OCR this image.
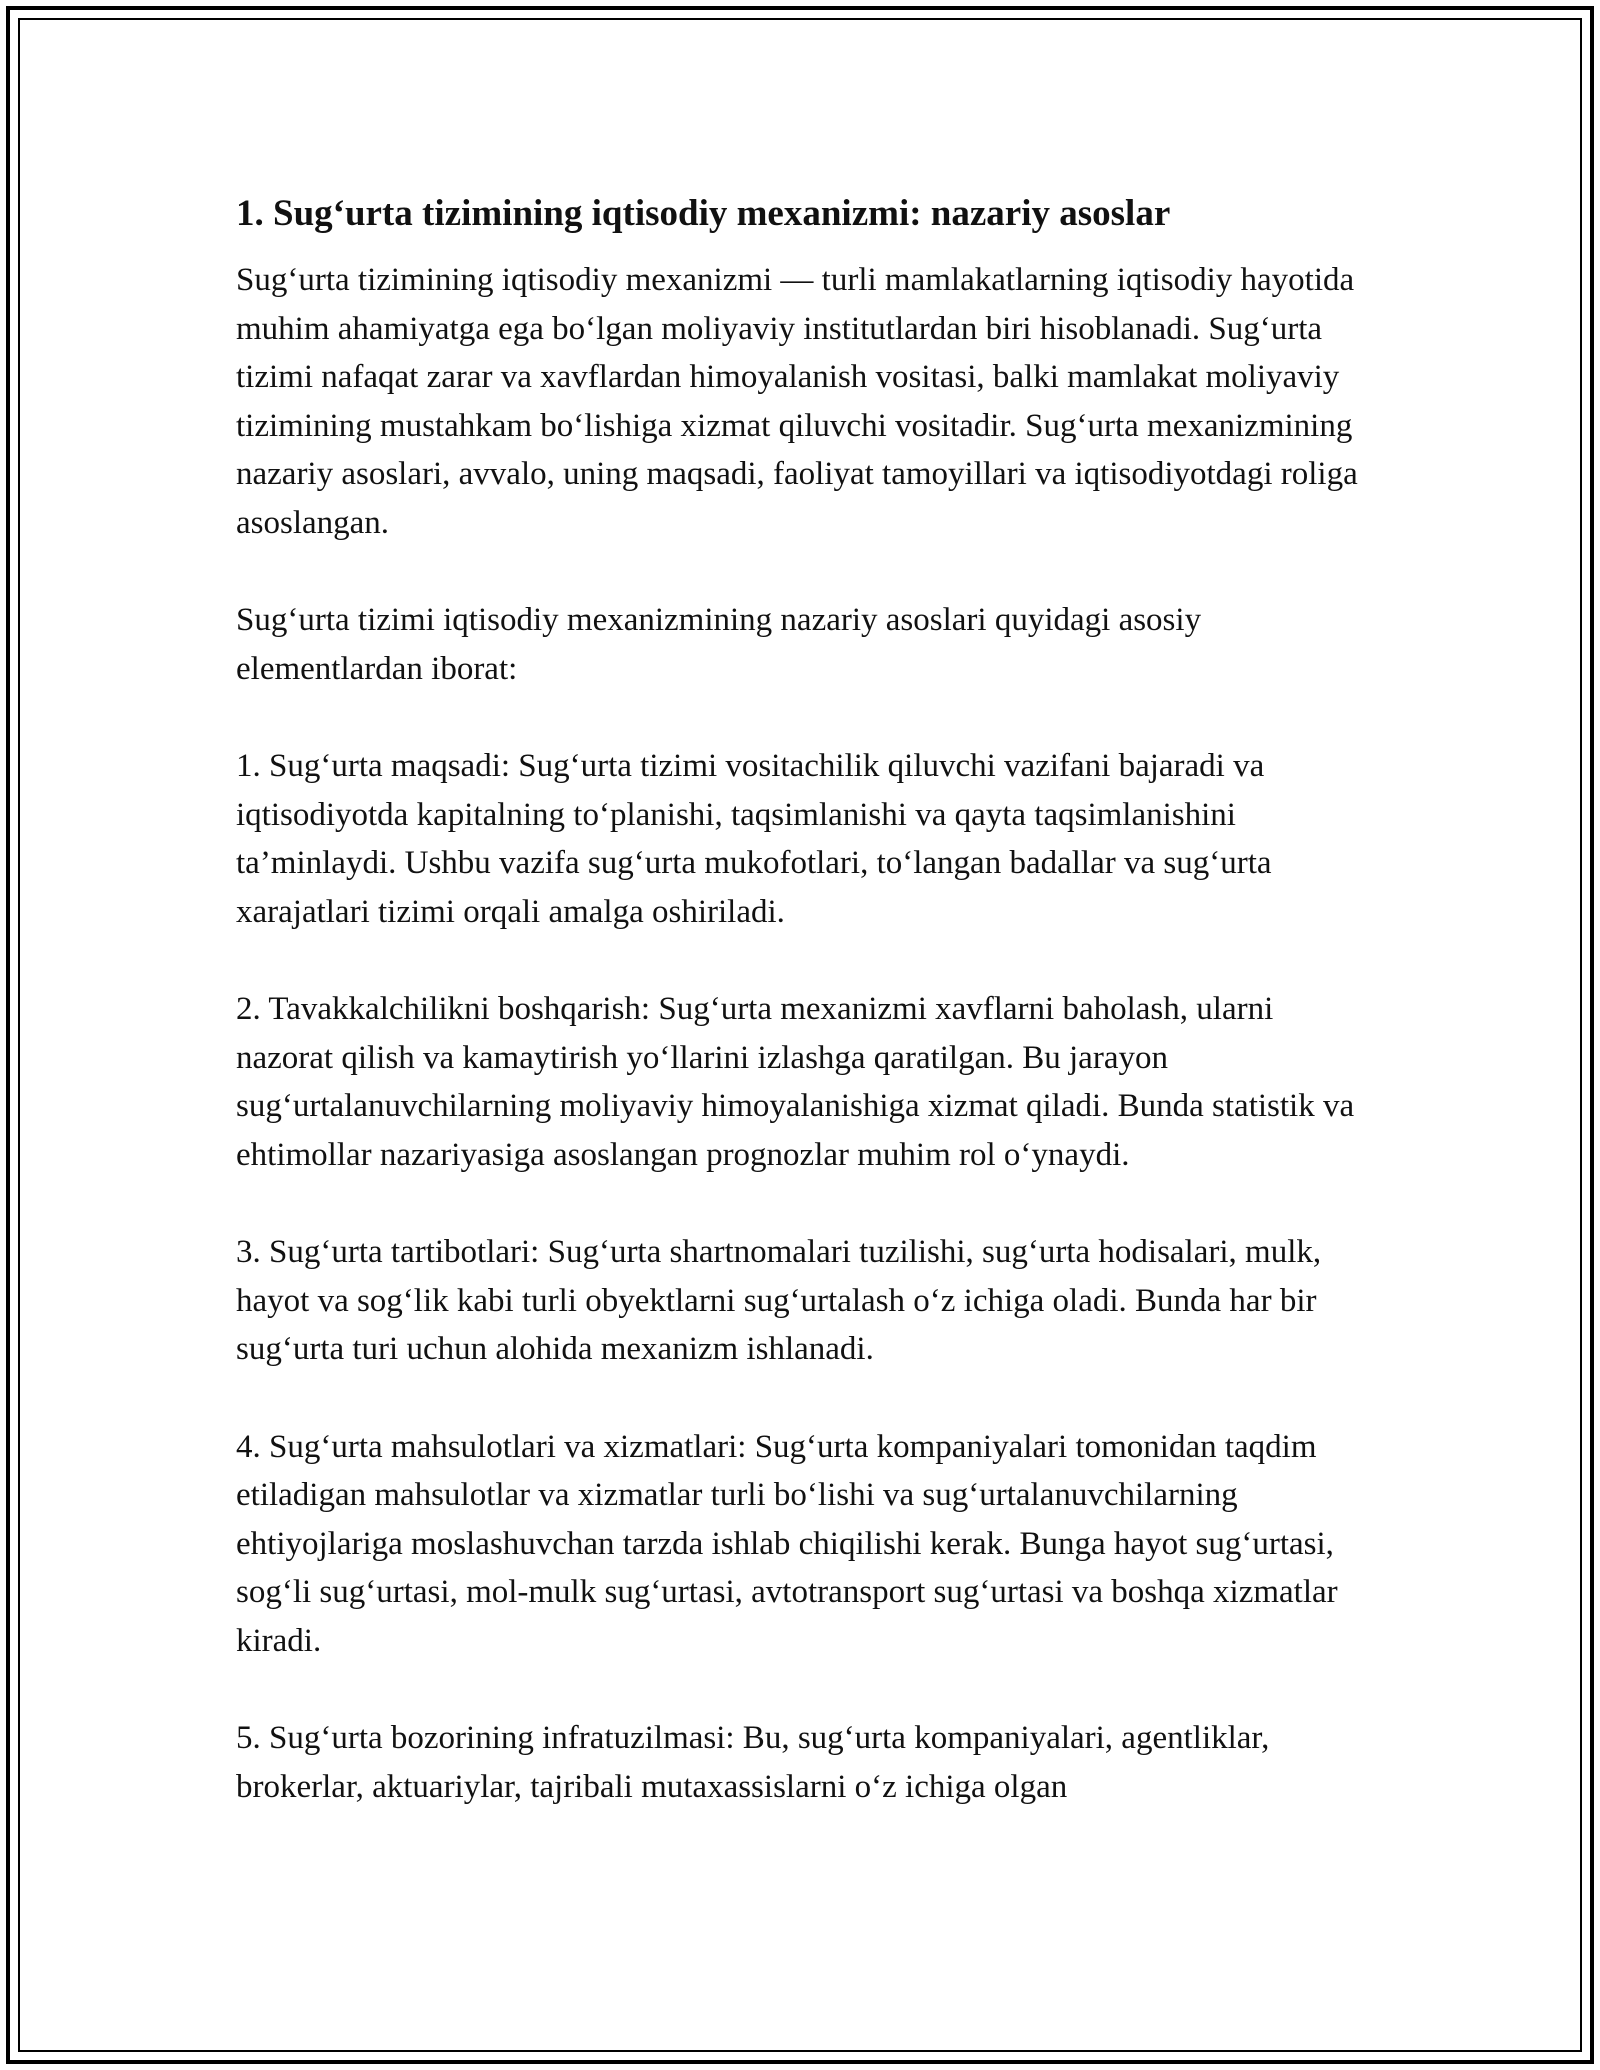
1. Sug‘urta tizimining iqtisodiy mexanizmi: nazariy asoslar

Sug‘urta tizimining iqtisodiy mexanizmi — turli mamlakatlarning iqtisodiy hayotida muhim ahamiyatga ega bo‘lgan moliyaviy institutlardan biri hisoblanadi. Sug‘urta tizimi nafaqat zarar va xavflardan himoyalanish vositasi, balki mamlakat moliyaviy tizimining mustahkam bo‘lishiga xizmat qiluvchi vositadir. Sug‘urta mexanizmining nazariy asoslari, avvalo, uning maqsadi, faoliyat tamoyillari va iqtisodiyotdagi roliga asoslangan.

Sug‘urta tizimi iqtisodiy mexanizmining nazariy asoslari quyidagi asosiy elementlardan iborat:

1. Sug‘urta maqsadi: Sug‘urta tizimi vositachilik qiluvchi vazifani bajaradi va iqtisodiyotda kapitalning to‘planishi, taqsimlanishi va qayta taqsimlanishini ta’minlaydi. Ushbu vazifa sug‘urta mukofotlari, to‘langan badallar va sug‘urta xarajatlari tizimi orqali amalga oshiriladi.

2. Tavakkalchilikni boshqarish: Sug‘urta mexanizmi xavflarni baholash, ularni nazorat qilish va kamaytirish yo‘llarini izlashga qaratilgan. Bu jarayon sug‘urtalanuvchilarning moliyaviy himoyalanishiga xizmat qiladi. Bunda statistik va ehtimollar nazariyasiga asoslangan prognozlar muhim rol o‘ynaydi.

3. Sug‘urta tartibotlari: Sug‘urta shartnomalari tuzilishi, sug‘urta hodisalari, mulk, hayot va sog‘lik kabi turli obyektlarni sug‘urtalash o‘z ichiga oladi. Bunda har bir sug‘urta turi uchun alohida mexanizm ishlanadi.

4. Sug‘urta mahsulotlari va xizmatlari: Sug‘urta kompaniyalari tomonidan taqdim etiladigan mahsulotlar va xizmatlar turli bo‘lishi va sug‘urtalanuvchilarning ehtiyojlariga moslashuvchan tarzda ishlab chiqilishi kerak. Bunga hayot sug‘urtasi, sog‘li sug‘urtasi, mol-mulk sug‘urtasi, avtotransport sug‘urtasi va boshqa xizmatlar kiradi.

5. Sug‘urta bozorining infratuzilmasi: Bu, sug‘urta kompaniyalari, agentliklar, brokerlar, aktuariylar, tajribali mutaxassislarni o‘z ichiga olgan
